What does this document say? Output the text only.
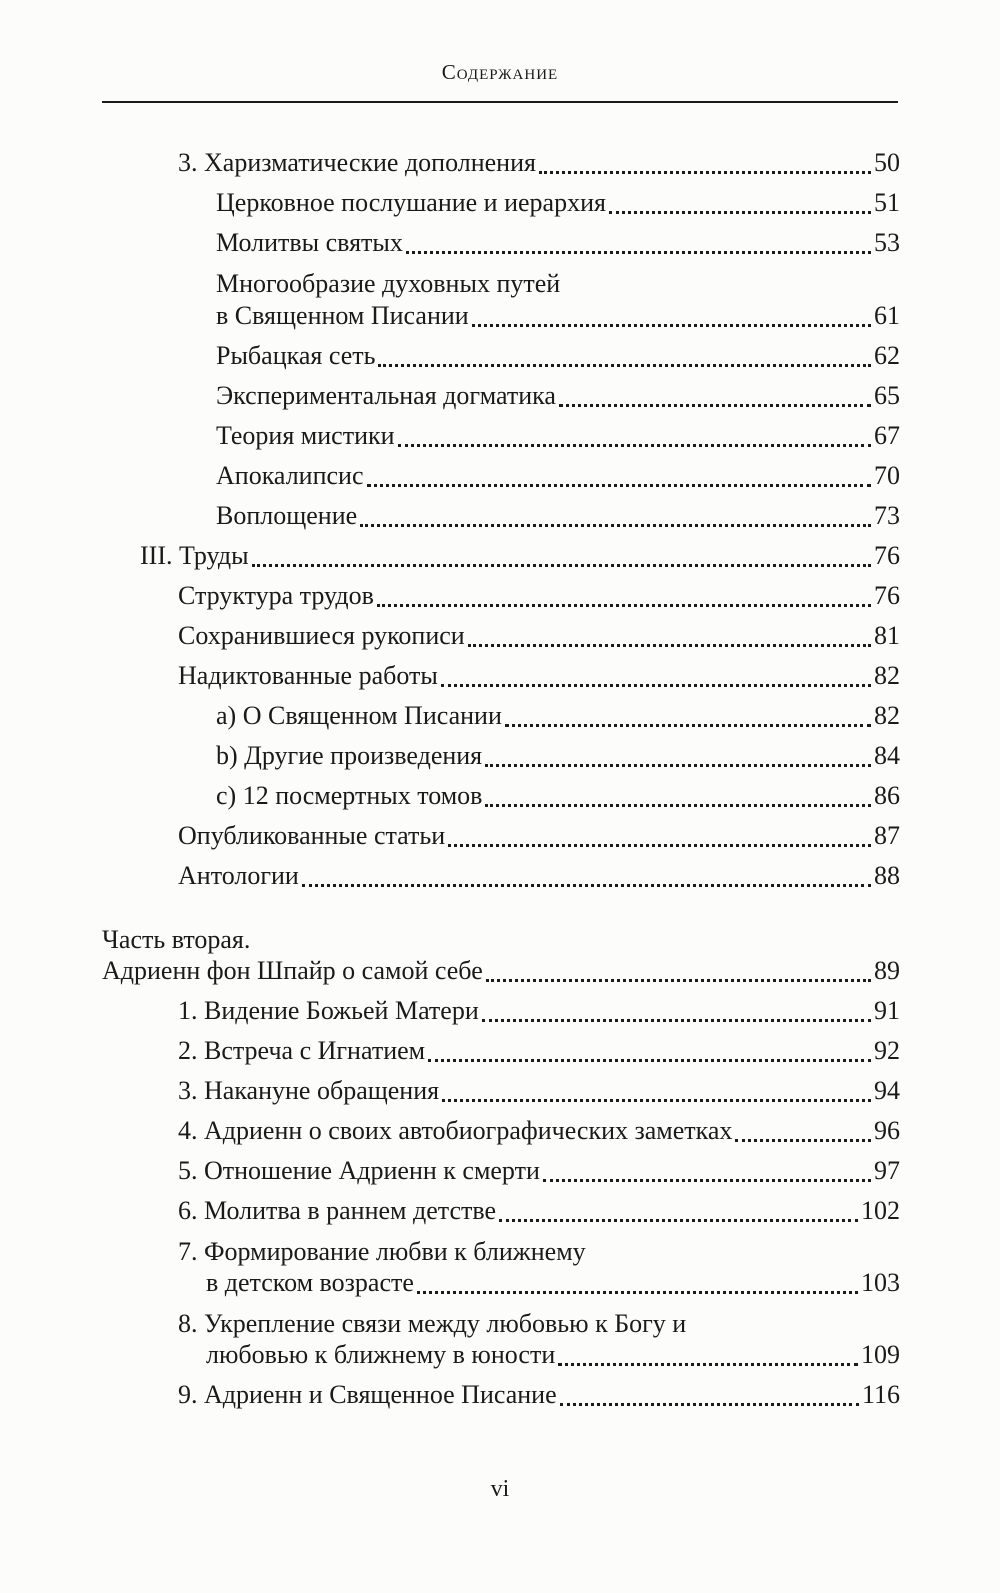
Содержание
3. Харизматические дополнения	50
Церковное послушание и иерархия	51
Молитвы святых	53
Многообразие духовных путей
в Священном Писании	61
Рыбацкая сеть	62
Экспериментальная догматика	65
Теория мистики	67
Апокалипсис	70
Воплощение	73
III. Труды	76
Структура трудов	76
Сохранившиеся рукописи	81
Надиктованные работы	82
a) О Священном Писании	82
b) Другие произведения	84
c) 12 посмертных томов	86
Опубликованные статьи	87
Антологии	88
Часть вторая.
Адриенн фон Шпайр о самой себе	89
1. Видение Божьей Матери	91
2. Встреча с Игнатием	92
3. Накануне обращения	94
4. Адриенн о своих автобиографических заметках	96
5. Отношение Адриенн к смерти	97
6. Молитва в раннем детстве	102
7. Формирование любви к ближнему
в детском возрасте	103
8. Укрепление связи между любовью к Богу и
любовью к ближнему в юности	109
9. Адриенн и Священное Писание	116
vi
